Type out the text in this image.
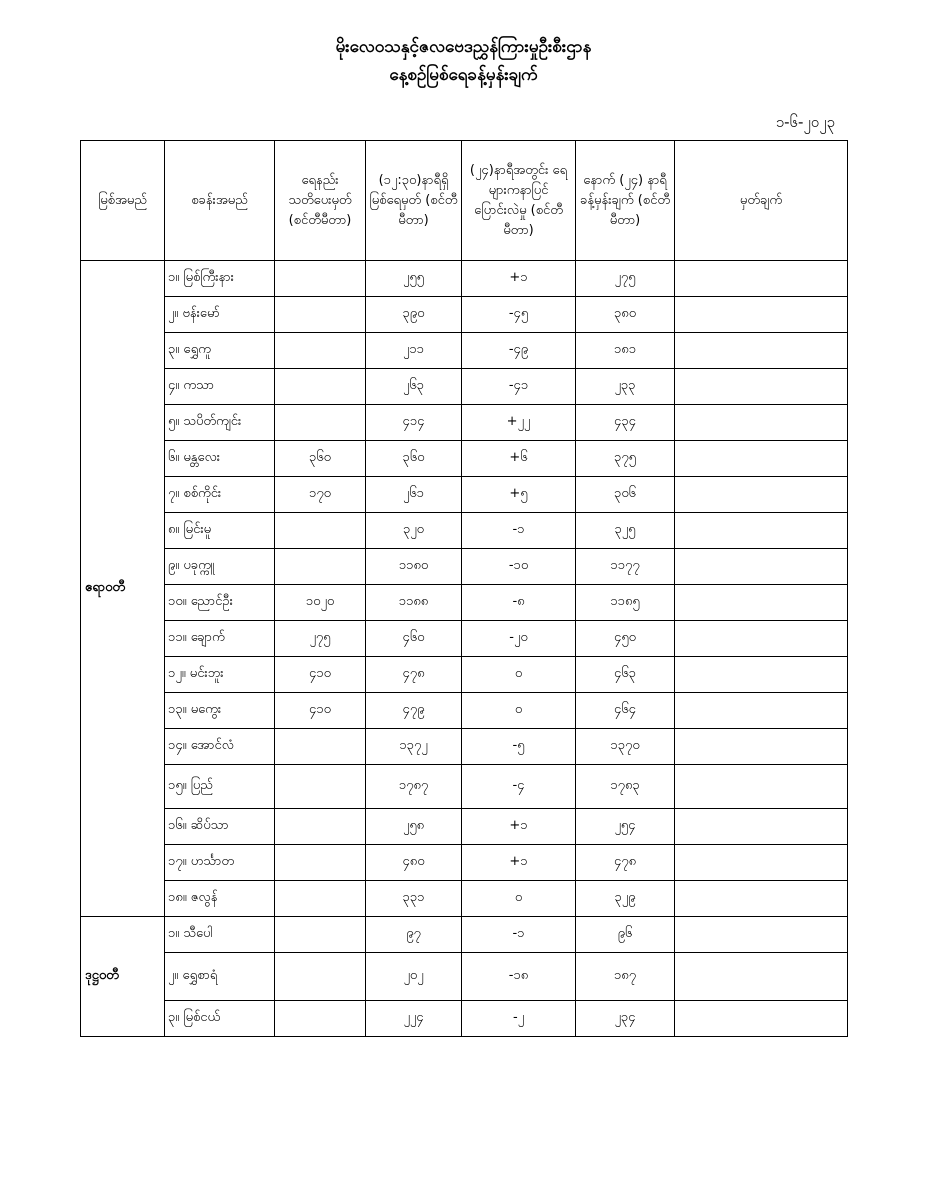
မိုးလေဝသနှင့်ဇလဗေဒညွှန်ကြားမှုဦးစီးဌာန
နေ့စဉ်မြစ်ရေခန့်မှန်းချက်
၁-၆-၂၀၂၃
မြစ်အမည်	စခန်းအမည်	ရေနည်း သတိပေးမှတ် (စင်တီမီတာ)	(၁၂:၃၀)နာရီရှိ မြစ်ရေမှတ် (စင်တီမီတာ)	(၂၄)နာရီအတွင်း ရေများကနာပြင် ပြောင်းလဲမှု (စင်တီမီတာ)	နောက် (၂၄) နာရီ ခန့်မှန်းချက် (စင်တီမီတာ)	မှတ်ချက်
ဧရာဝတီ	၁။ မြစ်ကြီးနား		၂၅၅	+၁	၂၇၅	
	၂။ ဗန်းမော်		၃၉၀	-၄၅	၃၈၀	
	၃။ ရွှေကူ		၂၁၁	-၄၉	၁၈၁	
	၄။ ကသာ		၂၆၃	-၄၁	၂၃၃	
	၅။ သပိတ်ကျင်း		၄၁၄	+၂၂	၄၃၄	
	၆။ မန္တလေး	၃၆၀	၃၆၀	+၆	၃၇၅	
	၇။ စစ်ကိုင်း	၁၇၀	၂၆၁	+၅	၃၀၆	
	၈။ မြင်းမူ		၃၂၀	-၁	၃၂၅	
	၉။ ပခုက္ကူ		၁၁၈၀	-၁၀	၁၁၇၇	
	၁၀။ ညောင်ဦး	၁၀၂၀	၁၁၈၈	-၈	၁၁၈၅	
	၁၁။ ချောက်	၂၇၅	၄၆၀	-၂၀	၄၅၀	
	၁၂။ မင်းဘူး	၄၁၀	၄၇၈	၀	၄၆၃	
	၁၃။ မကွေး	၄၁၀	၄၇၉	၀	၄၆၄	
	၁၄။ အောင်လံ		၁၃၇၂	-၅	၁၃၇၀	
	၁၅။ ပြည်		၁၇၈၇	-၄	၁၇၈၃	
	၁၆။ ဆိပ်သာ		၂၅၈	+၁	၂၅၄	
	၁၇။ ဟင်္သာတ		၄၈၀	+၁	၄၇၈	
	၁၈။ ဇလွန်		၃၃၁	၀	၃၂၉	
ဒုဋ္ဌဝတီ	၁။ သီပေါ		၉၇	-၁	၉၆	
	၂။ ရွှေစာရံ		၂၀၂	-၁၈	၁၈၇	
	၃။ မြစ်ငယ်		၂၂၄	-၂	၂၃၄	
